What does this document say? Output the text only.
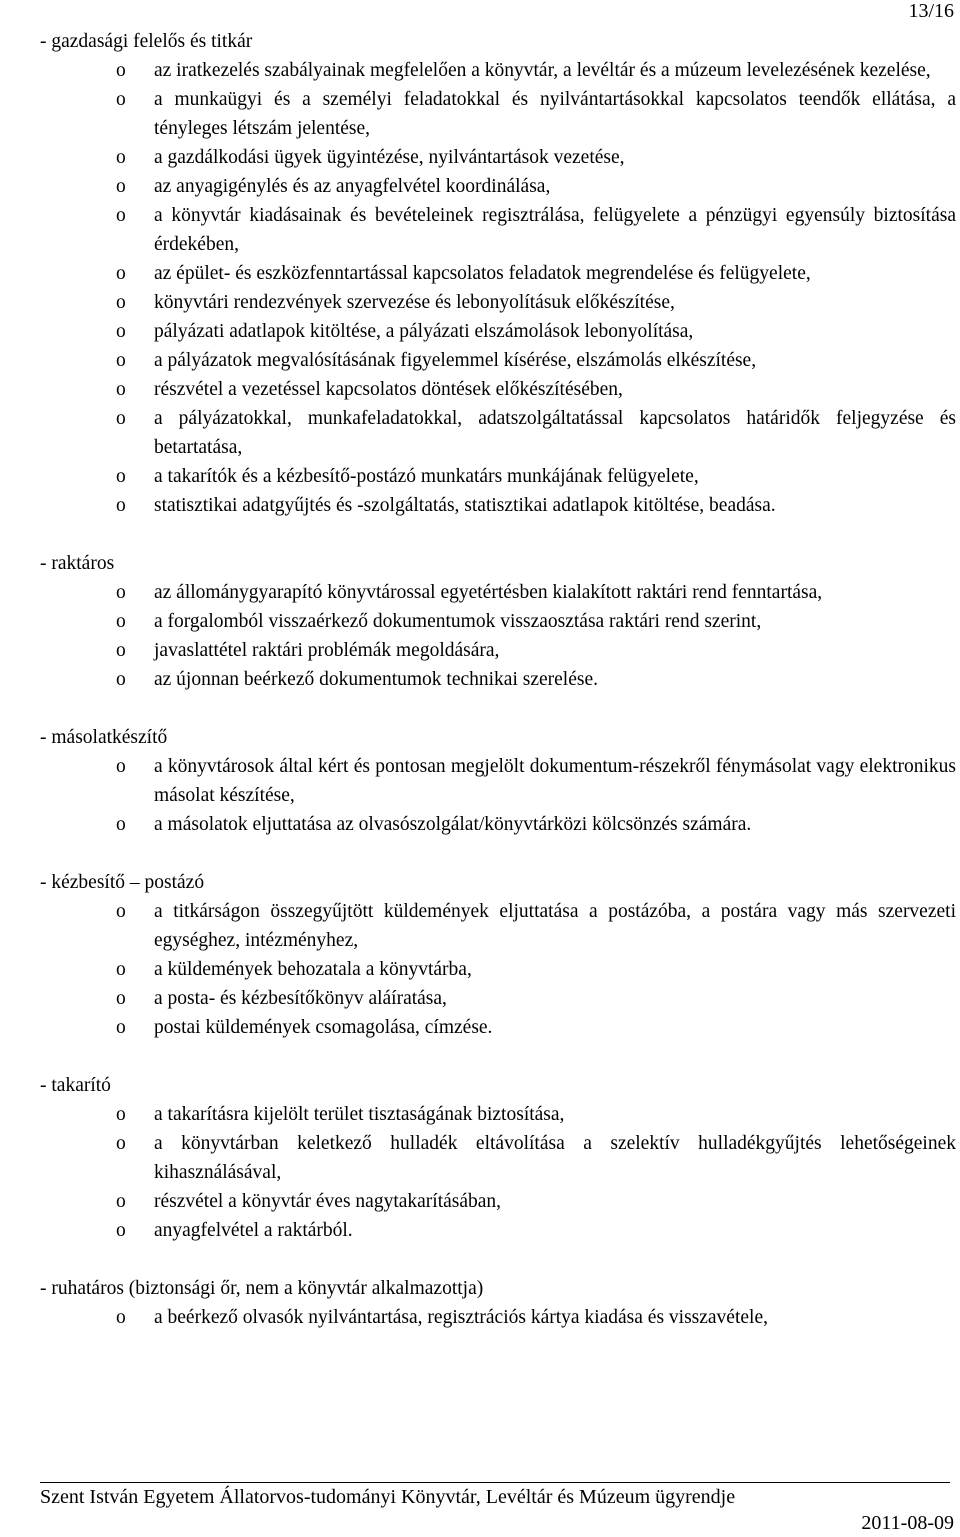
13/16
- gazdasági felelős és titkár
o az iratkezelés szabályainak megfelelően a könyvtár, a levéltár és a múzeum levelezésének kezelése,
o a munkaügyi és a személyi feladatokkal és nyilvántartásokkal kapcsolatos teendők ellátása, a tényleges létszám jelentése,
o a gazdálkodási ügyek ügyintézése, nyilvántartások vezetése,
o az anyagigénylés és az anyagfelvétel koordinálása,
o a könyvtár kiadásainak és bevételeinek regisztrálása, felügyelete a pénzügyi egyensúly biztosítása érdekében,
o az épület- és eszközfenntartással kapcsolatos feladatok megrendelése és felügyelete,
o könyvtári rendezvények szervezése és lebonyolításuk előkészítése,
o pályázati adatlapok kitöltése, a pályázati elszámolások lebonyolítása,
o a pályázatok megvalósításának figyelemmel kísérése, elszámolás elkészítése,
o részvétel a vezetéssel kapcsolatos döntések előkészítésében,
o a pályázatokkal, munkafeladatokkal, adatszolgáltatással kapcsolatos határidők feljegyzése és betartatása,
o a takarítók és a kézbesítő-postázó munkatárs munkájának felügyelete,
o statisztikai adatgyűjtés és -szolgáltatás, statisztikai adatlapok kitöltése, beadása.
- raktáros
o az állománygyarapító könyvtárossal egyetértésben kialakított raktári rend fenntartása,
o a forgalomból visszaérkező dokumentumok visszaosztása raktári rend szerint,
o javaslattétel raktári problémák megoldására,
o az újonnan beérkező dokumentumok technikai szerelése.
- másolatkészítő
o a könyvtárosok által kért és pontosan megjelölt dokumentum-részekről fénymásolat vagy elektronikus másolat készítése,
o a másolatok eljuttatása az olvasószolgálat/könyvtárközi kölcsönzés számára.
- kézbesítő – postázó
o a titkárságon összegyűjtött küldemények eljuttatása a postázóba, a postára vagy más szervezeti egységhez, intézményhez,
o a küldemények behozatala a könyvtárba,
o a posta- és kézbesítőkönyv aláíratása,
o postai küldemények csomagolása, címzése.
- takarító
o a takarításra kijelölt terület tisztaságának biztosítása,
o a könyvtárban keletkező hulladék eltávolítása a szelektív hulladékgyűjtés lehetőségeinek kihasználásával,
o részvétel a könyvtár éves nagytakarításában,
o anyagfelvétel a raktárból.
- ruhatáros (biztonsági őr, nem a könyvtár alkalmazottja)
o a beérkező olvasók nyilvántartása, regisztrációs kártya kiadása és visszavétele,
Szent István Egyetem Állatorvos-tudományi Könyvtár, Levéltár és Múzeum ügyrendje
2011-08-09
